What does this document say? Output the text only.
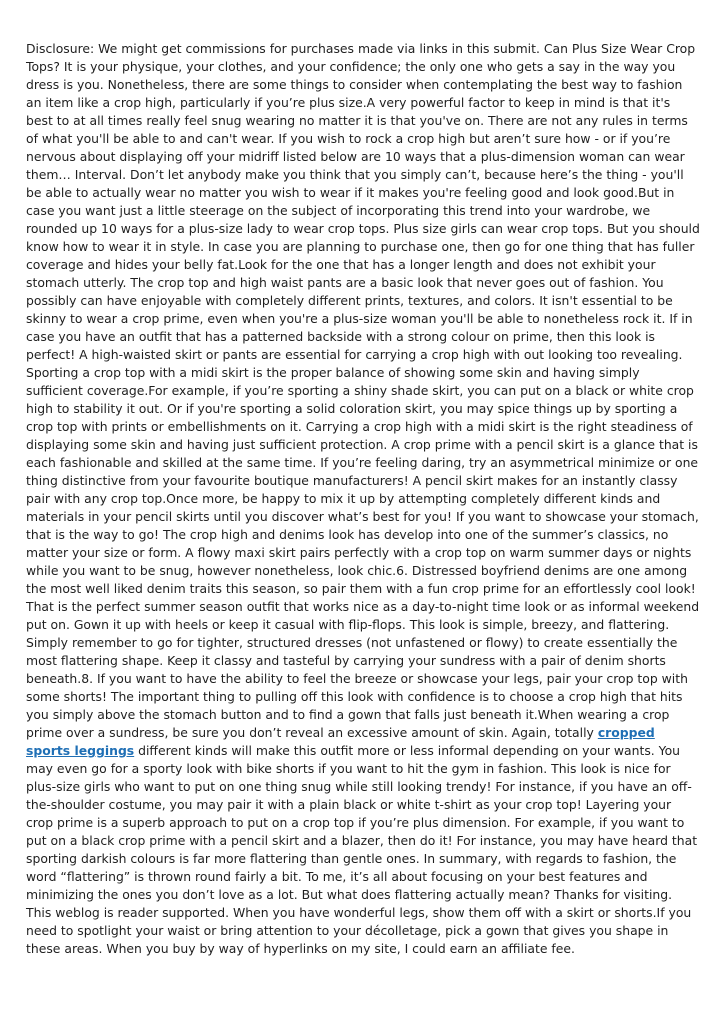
Disclosure: We might get commissions for purchases made via links in this submit. Can Plus Size Wear Crop Tops? It is your physique, your clothes, and your confidence; the only one who gets a say in the way you dress is you. Nonetheless, there are some things to consider when contemplating the best way to fashion an item like a crop high, particularly if you’re plus size.A very powerful factor to keep in mind is that it's best to at all times really feel snug wearing no matter it is that you've on. There are not any rules in terms of what you'll be able to and can't wear. If you wish to rock a crop high but aren’t sure how - or if you’re nervous about displaying off your midriff listed below are 10 ways that a plus-dimension woman can wear them… Interval. Don’t let anybody make you think that you simply can’t, because here’s the thing - you'll be able to actually wear no matter you wish to wear if it makes you're feeling good and look good.But in case you want just a little steerage on the subject of incorporating this trend into your wardrobe, we rounded up 10 ways for a plus-size lady to wear crop tops. Plus size girls can wear crop tops. But you should know how to wear it in style. In case you are planning to purchase one, then go for one thing that has fuller coverage and hides your belly fat.Look for the one that has a longer length and does not exhibit your stomach utterly. The crop top and high waist pants are a basic look that never goes out of fashion. You possibly can have enjoyable with completely different prints, textures, and colors. It isn't essential to be skinny to wear a crop prime, even when you're a plus-size woman you'll be able to nonetheless rock it. If in case you have an outfit that has a patterned backside with a strong colour on prime, then this look is perfect! A high-waisted skirt or pants are essential for carrying a crop high with out looking too revealing. Sporting a crop top with a midi skirt is the proper balance of showing some skin and having simply sufficient coverage.For example, if you’re sporting a shiny shade skirt, you can put on a black or white crop high to stability it out. Or if you're sporting a solid coloration skirt, you may spice things up by sporting a crop top with prints or embellishments on it. Carrying a crop high with a midi skirt is the right steadiness of displaying some skin and having just sufficient protection. A crop prime with a pencil skirt is a glance that is each fashionable and skilled at the same time. If you’re feeling daring, try an asymmetrical minimize or one thing distinctive from your favourite boutique manufacturers! A pencil skirt makes for an instantly classy pair with any crop top.Once more, be happy to mix it up by attempting completely different kinds and materials in your pencil skirts until you discover what’s best for you! If you want to showcase your stomach, that is the way to go! The crop high and denims look has develop into one of the summer’s classics, no matter your size or form. A flowy maxi skirt pairs perfectly with a crop top on warm summer days or nights while you want to be snug, however nonetheless, look chic.6. Distressed boyfriend denims are one among the most well liked denim traits this season, so pair them with a fun crop prime for an effortlessly cool look! That is the perfect summer season outfit that works nice as a day-to-night time look or as informal weekend put on. Gown it up with heels or keep it casual with flip-flops. This look is simple, breezy, and flattering. Simply remember to go for tighter, structured dresses (not unfastened or flowy) to create essentially the most flattering shape. Keep it classy and tasteful by carrying your sundress with a pair of denim shorts beneath.8. If you want to have the ability to feel the breeze or showcase your legs, pair your crop top with some shorts! The important thing to pulling off this look with confidence is to choose a crop high that hits you simply above the stomach button and to find a gown that falls just beneath it.When wearing a crop prime over a sundress, be sure you don’t reveal an excessive amount of skin. Again, totally cropped sports leggings different kinds will make this outfit more or less informal depending on your wants. You may even go for a sporty look with bike shorts if you want to hit the gym in fashion. This look is nice for plus-size girls who want to put on one thing snug while still looking trendy! For instance, if you have an off-the-shoulder costume, you may pair it with a plain black or white t-shirt as your crop top! Layering your crop prime is a superb approach to put on a crop top if you’re plus dimension. For example, if you want to put on a black crop prime with a pencil skirt and a blazer, then do it! For instance, you may have heard that sporting darkish colours is far more flattering than gentle ones. In summary, with regards to fashion, the word “flattering” is thrown round fairly a bit. To me, it’s all about focusing on your best features and minimizing the ones you don’t love as a lot. But what does flattering actually mean? Thanks for visiting. This weblog is reader supported. When you have wonderful legs, show them off with a skirt or shorts.If you need to spotlight your waist or bring attention to your décolletage, pick a gown that gives you shape in these areas. When you buy by way of hyperlinks on my site, I could earn an affiliate fee.
